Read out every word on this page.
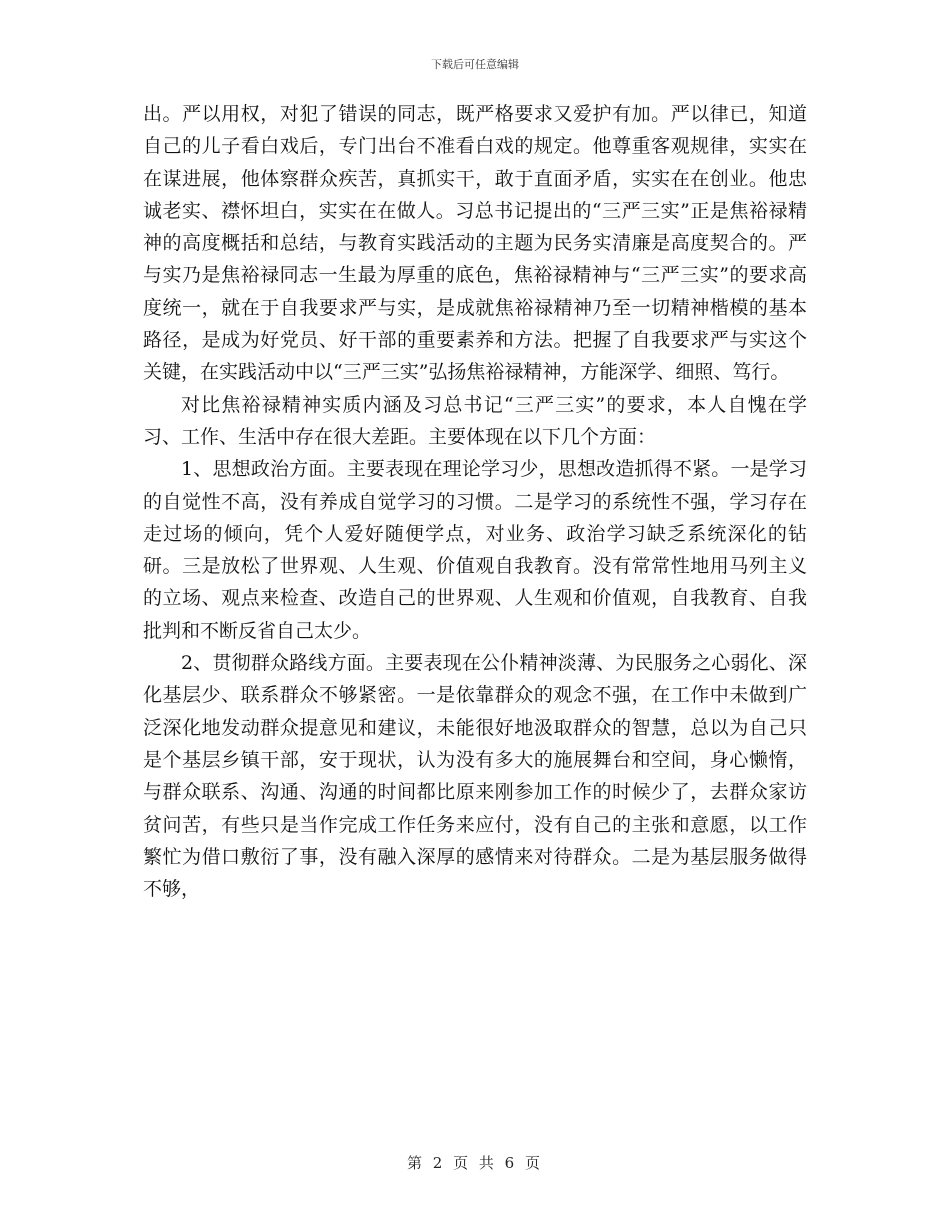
下载后可任意编辑

出。严以用权，对犯了错误的同志，既严格要求又爱护有加。严以律已，知道自己的儿子看白戏后，专门出台不准看白戏的规定。他尊重客观规律，实实在在谋进展，他体察群众疾苦，真抓实干，敢于直面矛盾，实实在在创业。他忠诚老实、襟怀坦白，实实在在做人。习总书记提出的“三严三实”正是焦裕禄精神的高度概括和总结，与教育实践活动的主题为民务实清廉是高度契合的。严与实乃是焦裕禄同志一生最为厚重的底色，焦裕禄精神与“三严三实”的要求高度统一，就在于自我要求严与实，是成就焦裕禄精神乃至一切精神楷模的基本路径，是成为好党员、好干部的重要素养和方法。把握了自我要求严与实这个关键，在实践活动中以“三严三实”弘扬焦裕禄精神，方能深学、细照、笃行。

对比焦裕禄精神实质内涵及习总书记“三严三实”的要求，本人自愧在学习、工作、生活中存在很大差距。主要体现在以下几个方面：

1、思想政治方面。主要表现在理论学习少，思想改造抓得不紧。一是学习的自觉性不高，没有养成自觉学习的习惯。二是学习的系统性不强，学习存在走过场的倾向，凭个人爱好随便学点，对业务、政治学习缺乏系统深化的钻研。三是放松了世界观、人生观、价值观自我教育。没有常常性地用马列主义的立场、观点来检查、改造自己的世界观、人生观和价值观，自我教育、自我批判和不断反省自己太少。

2、贯彻群众路线方面。主要表现在公仆精神淡薄、为民服务之心弱化、深化基层少、联系群众不够紧密。一是依靠群众的观念不强，在工作中未做到广泛深化地发动群众提意见和建议，未能很好地汲取群众的智慧，总以为自己只是个基层乡镇干部，安于现状，认为没有多大的施展舞台和空间，身心懒惰，与群众联系、沟通、沟通的时间都比原来刚参加工作的时候少了，去群众家访贫问苦，有些只是当作完成工作任务来应付，没有自己的主张和意愿，以工作繁忙为借口敷衍了事，没有融入深厚的感情来对待群众。二是为基层服务做得不够，

第 2 页 共 6 页
